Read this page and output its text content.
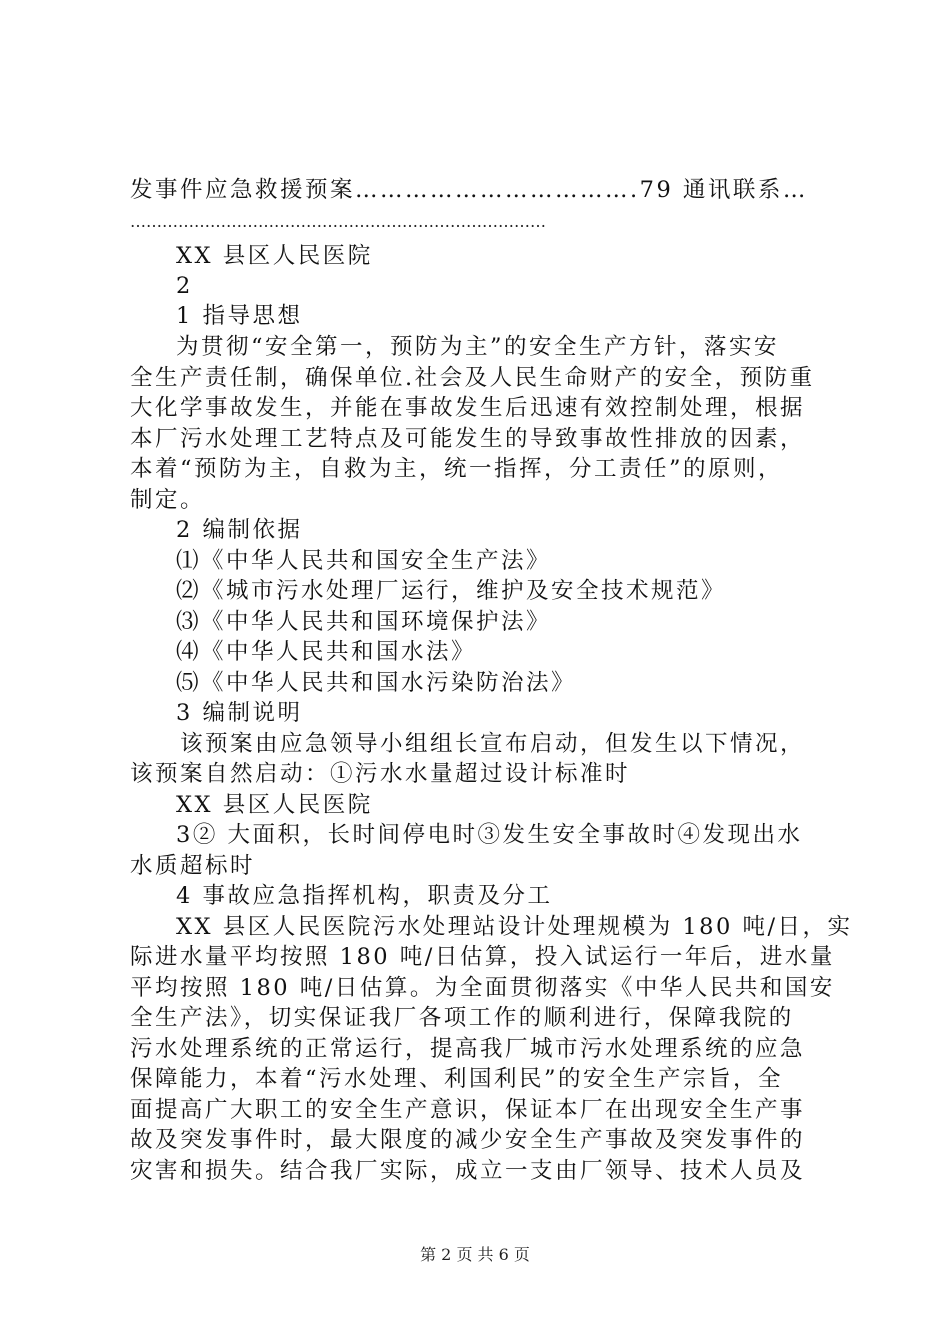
发事件应急救援预案…………………………….79 通讯联系…
……………………………………………………………………
XX 县区人民医院
2
1 指导思想
为贯彻“安全第一，预防为主”的安全生产方针，落实安
全生产责任制，确保单位.社会及人民生命财产的安全，预防重
大化学事故发生，并能在事故发生后迅速有效控制处理，根据
本厂污水处理工艺特点及可能发生的导致事故性排放的因素，
本着“预防为主，自救为主，统一指挥，分工责任”的原则，
制定。
2 编制依据
⑴《中华人民共和国安全生产法》
⑵《城市污水处理厂运行，维护及安全技术规范》
⑶《中华人民共和国环境保护法》
⑷《中华人民共和国水法》
⑸《中华人民共和国水污染防治法》
3 编制说明
该预案由应急领导小组组长宣布启动，但发生以下情况，
该预案自然启动：①污水水量超过设计标准时
XX 县区人民医院
3② 大面积，长时间停电时③发生安全事故时④发现出水
水质超标时
4 事故应急指挥机构，职责及分工
XX 县区人民医院污水处理站设计处理规模为 180 吨/日，实
际进水量平均按照 180 吨/日估算，投入试运行一年后，进水量
平均按照 180 吨/日估算。为全面贯彻落实《中华人民共和国安
全生产法》，切实保证我厂各项工作的顺利进行，保障我院的
污水处理系统的正常运行，提高我厂城市污水处理系统的应急
保障能力，本着“污水处理、利国利民”的安全生产宗旨，全
面提高广大职工的安全生产意识，保证本厂在出现安全生产事
故及突发事件时，最大限度的减少安全生产事故及突发事件的
灾害和损失。结合我厂实际，成立一支由厂领导、技术人员及
第 2 页 共 6 页
